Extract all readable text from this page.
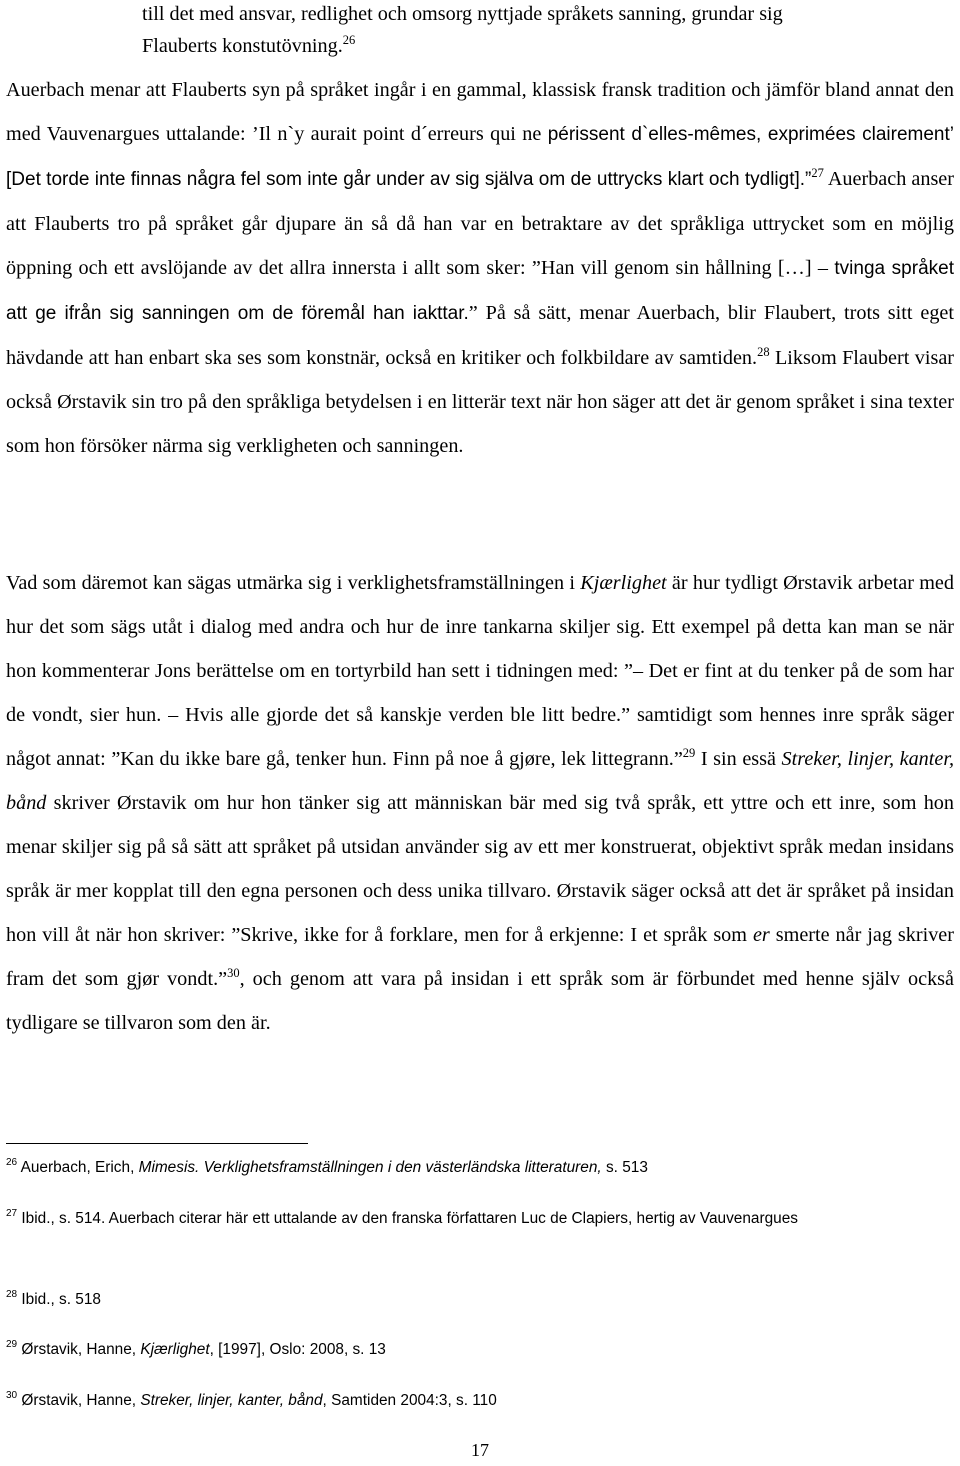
till det med ansvar, redlighet och omsorg nyttjade språkets sanning, grundar sig
Flauberts konstutövning.$^{26}$

Auerbach menar att Flauberts syn på språket ingår i en gammal, klassisk fransk tradition och jämför bland annat den med Vauvenargues uttalande: ’Il n`y aurait point d´erreurs qui ne périssent d`elles-mêmes, exprimées clairement’ [Det torde inte finnas några fel som inte går under av sig själva om de uttrycks klart och tydligt].”$^{27}$ Auerbach anser att Flauberts tro på språket går djupare än så då han var en betraktare av det språkliga uttrycket som en möjlig öppning och ett avslöjande av det allra innersta i allt som sker: ”Han vill genom sin hållning […] – tvinga språket att ge ifrån sig sanningen om de föremål han iakttar.” På så sätt, menar Auerbach, blir Flaubert, trots sitt eget hävdande att han enbart ska ses som konstnär, också en kritiker och folkbildare av samtiden.$^{28}$ Liksom Flaubert visar också Ørstavik sin tro på den språkliga betydelsen i en litterär text när hon säger att det är genom språket i sina texter som hon försöker närma sig verkligheten och sanningen.

Vad som däremot kan sägas utmärka sig i verklighetsframställningen i Kjærlighet är hur tydligt Ørstavik arbetar med hur det som sägs utåt i dialog med andra och hur de inre tankarna skiljer sig. Ett exempel på detta kan man se när hon kommenterar Jons berättelse om en tortyrbild han sett i tidningen med: ”– Det er fint at du tenker på de som har de vondt, sier hun. – Hvis alle gjorde det så kanskje verden ble litt bedre.” samtidigt som hennes inre språk säger något annat: ”Kan du ikke bare gå, tenker hun. Finn på noe å gjøre, lek littegrann.”$^{29}$ I sin essä Streker, linjer, kanter, bånd skriver Ørstavik om hur hon tänker sig att människan bär med sig två språk, ett yttre och ett inre, som hon menar skiljer sig på så sätt att språket på utsidan använder sig av ett mer konstruerat, objektivt språk medan insidans språk är mer kopplat till den egna personen och dess unika tillvaro. Ørstavik säger också att det är språket på insidan hon vill åt när hon skriver: ”Skrive, ikke for å forklare, men for å erkjenne: I et språk som er smerte når jag skriver fram det som gjør vondt.”$^{30}$, och genom att vara på insidan i ett språk som är förbundet med henne själv också tydligare se tillvaron som den är.

$^{26}$ Auerbach, Erich, Mimesis. Verklighetsframställningen i den västerländska litteraturen, s. 513
$^{27}$ Ibid., s. 514. Auerbach citerar här ett uttalande av den franska författaren Luc de Clapiers, hertig av Vauvenargues
$^{28}$ Ibid., s. 518
$^{29}$ Ørstavik, Hanne, Kjærlighet, [1997], Oslo: 2008, s. 13
$^{30}$ Ørstavik, Hanne, Streker, linjer, kanter, bånd, Samtiden 2004:3, s. 110
17
